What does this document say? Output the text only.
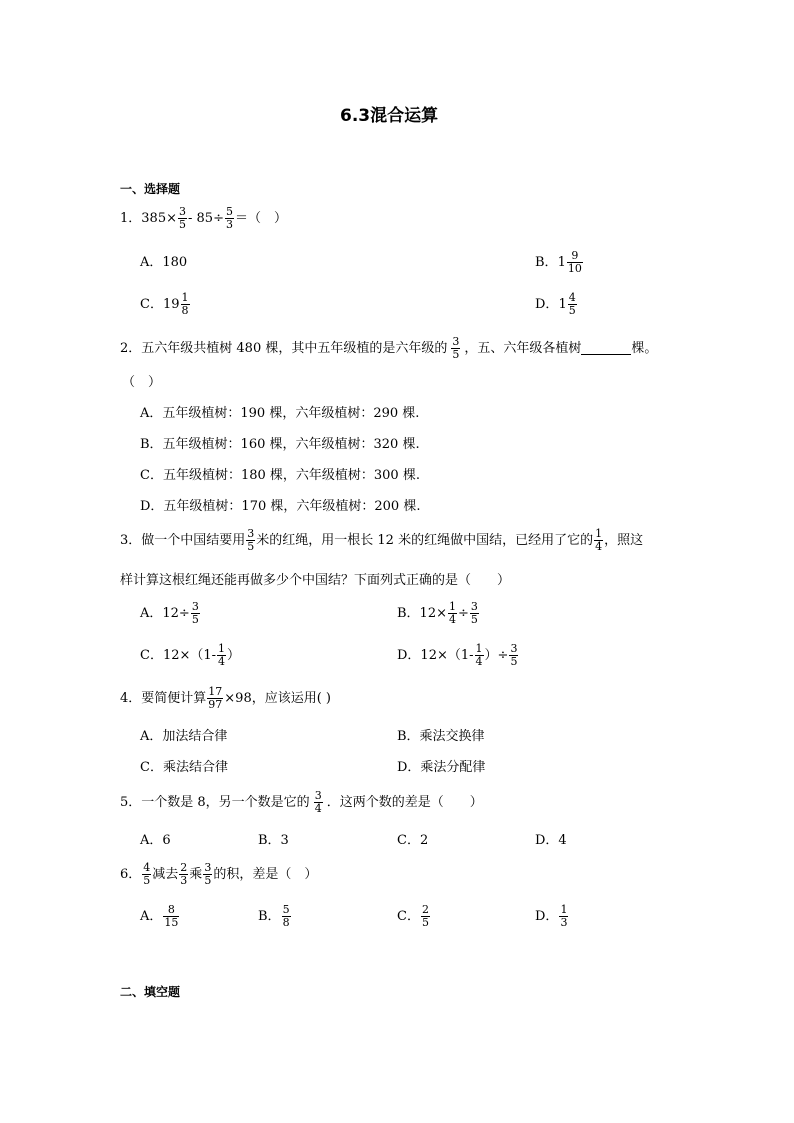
6.3混合运算
一、选择题
1． $385\times \frac{3}{5} - 85\div \frac{5}{3}$ ＝（　）
A．180	B． $1 \frac{9}{10}$
C． $19 \frac{1}{8}$	D． $1 \frac{4}{5}$
2．五六年级共植树 480 棵，其中五年级植的是六年级的 $\frac{3}{5}$ ，五、六年级各植树	棵。
（　）
A．五年级植树：190 棵，六年级植树：290 棵.
B．五年级植树：160 棵，六年级植树：320 棵.
C．五年级植树：180 棵，六年级植树：300 棵.
D．五年级植树：170 棵，六年级植树：200 棵.
3．做一个中国结要用 $\frac{3}{5}$ 米的红绳，用一根长 12 米的红绳做中国结，已经用了它的 $\frac{1}{4}$ ，照这
样计算这根红绳还能再做多少个中国结？下面列式正确的是（　　）
A．$12\div \frac{3}{5}$	B．$12\times \frac{1}{4} \div \frac{3}{5}$
C．$12\times(1- \frac{1}{4}$ ）	D．$12\times(1- \frac{1}{4}$ ）÷ $\frac{3}{5}$
4．要简便计算 $\frac{17}{97} \times 98$，应该运用( )
A．加法结合律	B．乘法交换律
C．乘法结合律	D．乘法分配律
5．一个数是 8，另一个数是它的 $\frac{3}{4}$ ．这两个数的差是（　　）
A．6	B．3	C．2	D．4
6． $\frac{4}{5}$ 减去 $\frac{2}{3}$ 乘 $\frac{3}{5}$ 的积，差是（　）
A． $\frac{8}{15}$	B． $\frac{5}{8}$	C． $\frac{2}{5}$	D． $\frac{1}{3}$
二、填空题
